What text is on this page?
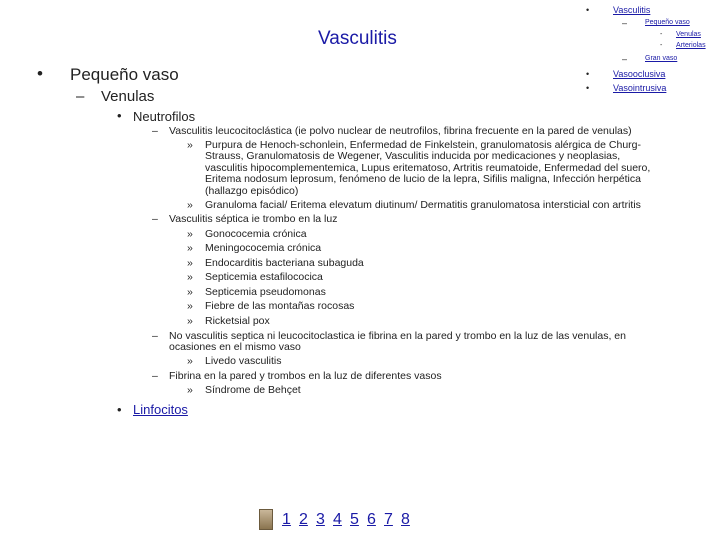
•	Vasculitis
–	Pequeño vaso
- Venulas
- Arteriolas
–	Gran vaso
•	Vasooclusiva
•	Vasointrusiva
Vasculitis
• Pequeño vaso
– Venulas
• Neutrofilos
– Vasculitis leucocitoclástica (ie polvo nuclear de neutrofilos, fibrina frecuente en la pared de venulas)
» Purpura de Henoch-schonlein, Enfermedad de Finkelstein, granulomatosis alérgica de Churg-
Strauss, Granulomatosis de Wegener, Vasculitis inducida por medicaciones y neoplasias,
vasculitis hipocomplementemica, Lupus eritematoso, Artritis reumatoide, Enfermedad del suero,
Eritema nodosum leprosum, fenómeno de lucio de la lepra, Sifilis maligna, Infección herpética
(hallazgo episódico)
» Granuloma facial/ Eritema elevatum diutinum/ Dermatitis granulomatosa intersticial con artritis
– Vasculitis séptica ie trombo en la luz
» Gonococemia crónica
» Meningococemia crónica
» Endocarditis bacteriana subaguda
» Septicemia estafilococica
» Septicemia pseudomonas
» Fiebre de las montañas rocosas
» Ricketsial pox
– No vasculitis septica ni leucocitoclastica ie fibrina en la pared y trombo en la luz de las venulas, en
ocasiones en el mismo vaso
» Livedo vasculitis
– Fibrina en la pared y trombos en la luz de diferentes vasos
» Síndrome de Behçet
• Linfocitos
1 2 3 4 5 6 7 8
